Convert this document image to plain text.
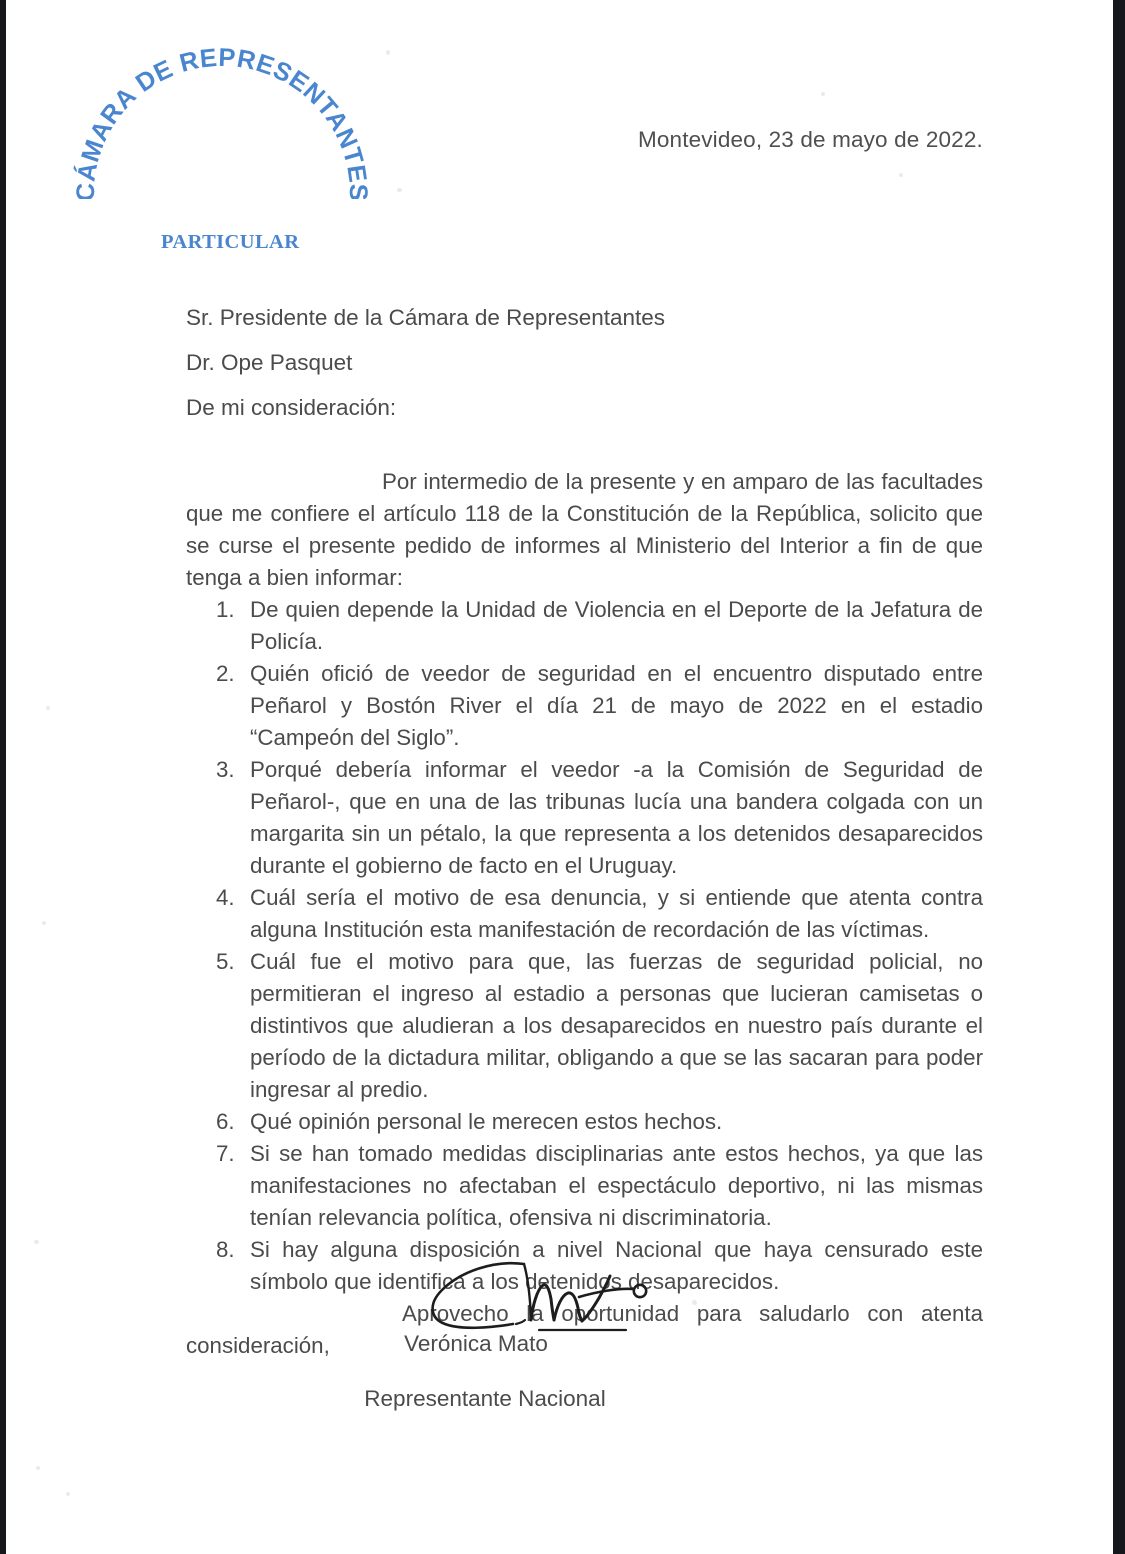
CÁMARA DE REPRESENTANTES
Montevideo, 23 de mayo de 2022.
PARTICULAR
Sr. Presidente de la Cámara de Representantes
Dr. Ope Pasquet
De mi consideración:

Por intermedio de la presente y en amparo de las facultades que me confiere el artículo 118 de la Constitución de la República, solicito que se curse el presente pedido de informes al Ministerio del Interior a fin de que tenga a bien informar:

De quien depende la Unidad de Violencia en el Deporte de la Jefatura de Policía.
Quién ofició de veedor de seguridad en el encuentro disputado entre Peñarol y Bostón River el día 21 de mayo de 2022 en el estadio “Campeón del Siglo”.
Porqué debería informar el veedor -a la Comisión de Seguridad de Peñarol-, que en una de las tribunas lucía una bandera colgada con un margarita sin un pétalo, la que representa a los detenidos desaparecidos durante el gobierno de facto en el Uruguay.
Cuál sería el motivo de esa denuncia, y si entiende que atenta contra alguna Institución esta manifestación de recordación de las víctimas.
Cuál fue el motivo para que, las fuerzas de seguridad policial, no permitieran el ingreso al estadio a personas que lucieran camisetas o distintivos que aludieran a los desaparecidos en nuestro país durante el período de la dictadura militar, obligando a que se las sacaran para poder ingresar al predio.
Qué opinión personal le merecen estos hechos.
Si se han tomado medidas disciplinarias ante estos hechos, ya que las manifestaciones no afectaban el espectáculo deportivo, ni las mismas tenían relevancia política, ofensiva ni discriminatoria.
Si hay alguna disposición a nivel Nacional que haya censurado este símbolo que identifica a los detenidos desaparecidos.

Aprovecho la oportunidad para saludarlo con atenta consideración,	Verónica Mato
Representante Nacional
